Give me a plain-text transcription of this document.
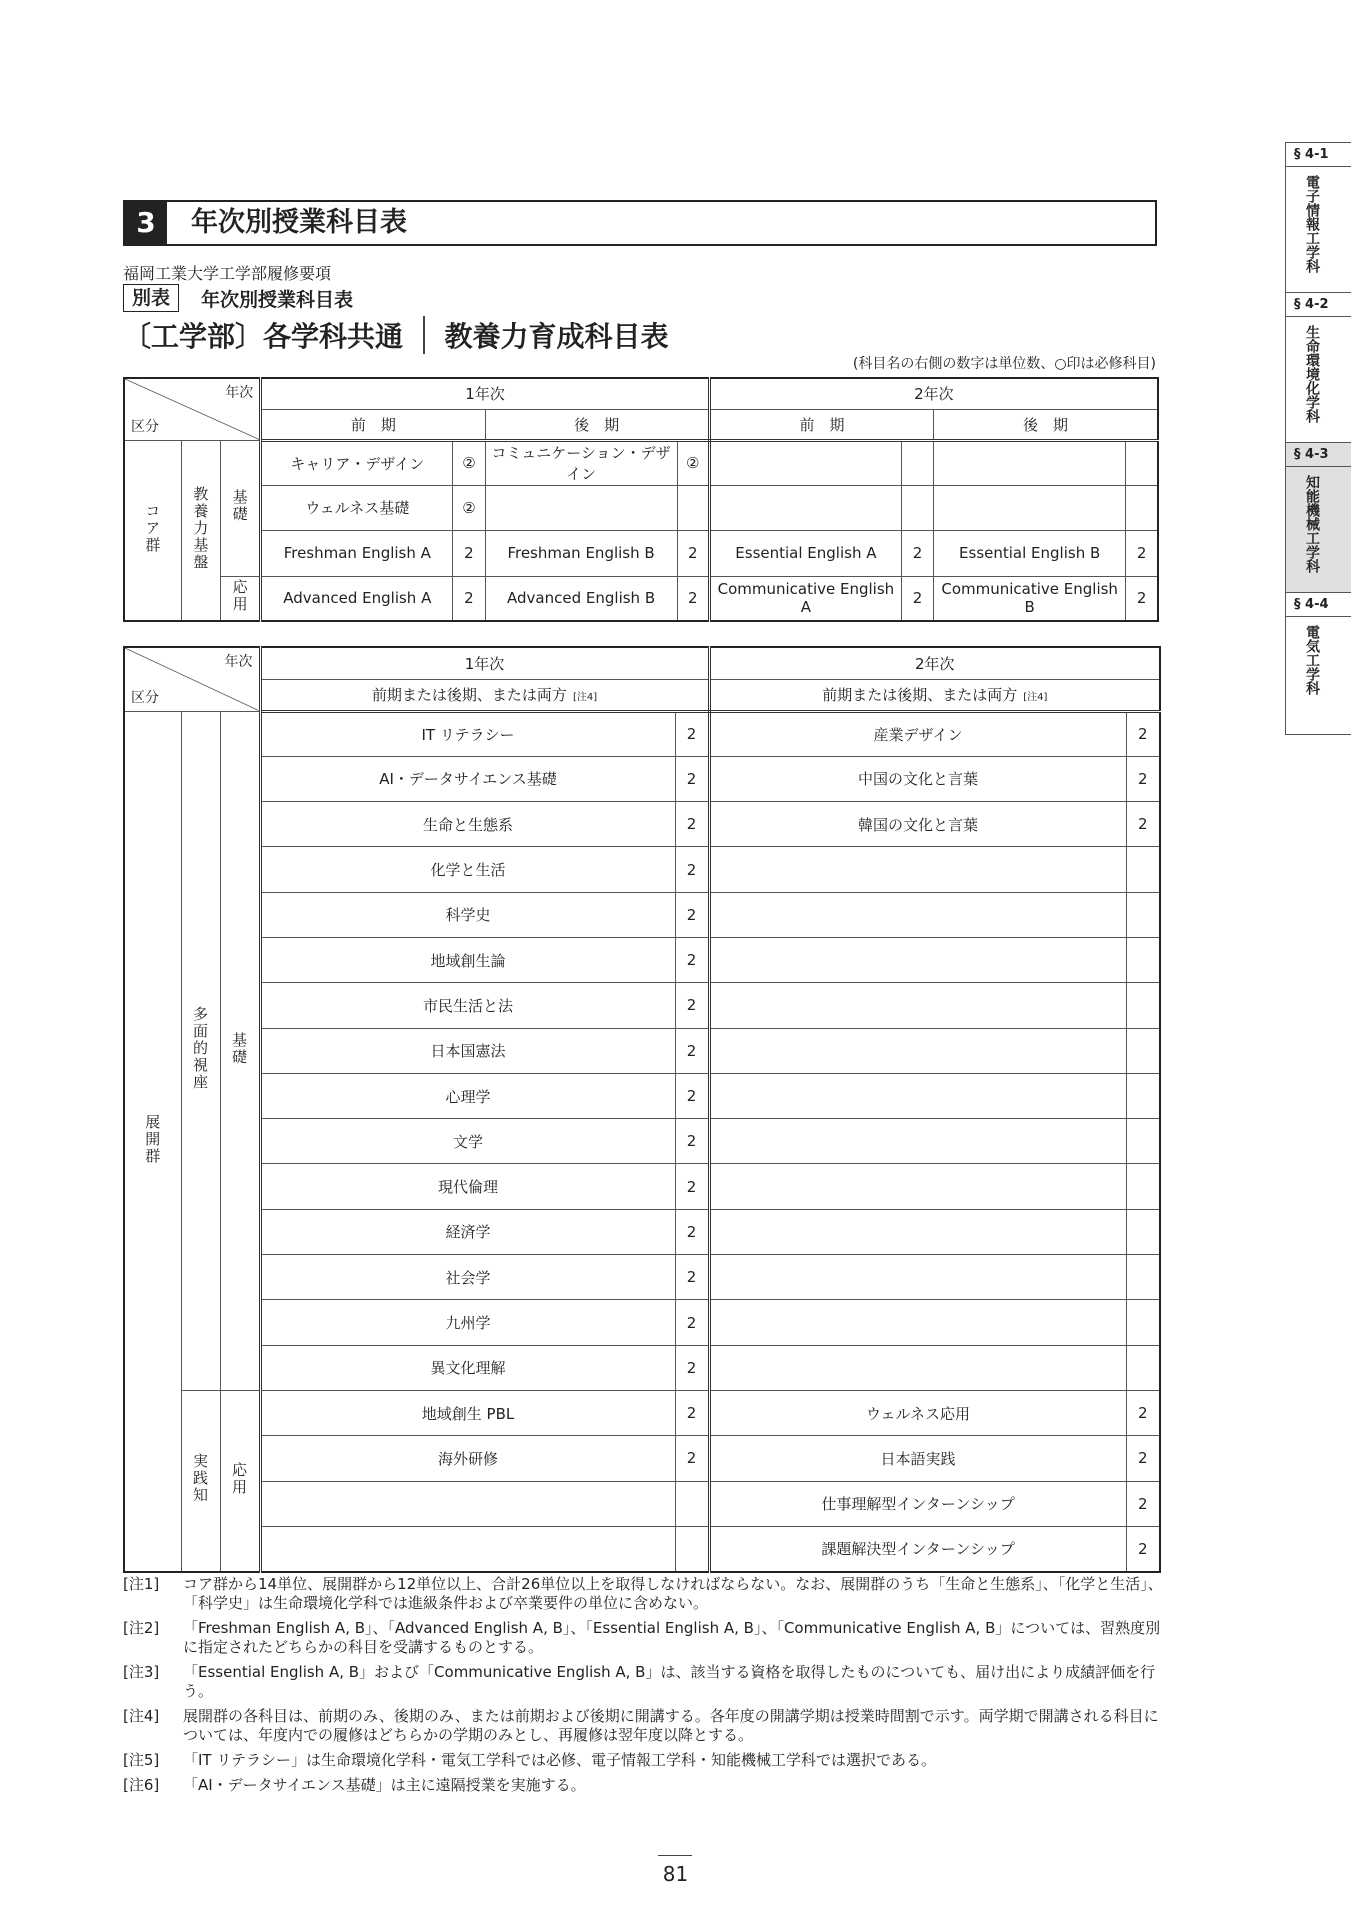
3	年次別授業科目表
福岡工業大学工学部履修要項
別表	年次別授業科目表
〔工学部〕各学科共通 教養力育成科目表
(科目名の右側の数字は単位数、○印は必修科目)
年次
区分			1年次				2年次			
			前　期		後　期		前　期		後　期	
コア群	教養力基盤	基礎	キャリア・デザイン	②	コミュニケーション・デザイン	②				
			ウェルネス基礎	②						
			Freshman English A	2	Freshman English B	2	Essential English A	2	Essential English B	2
		応用	Advanced English A	2	Advanced English B	2	Communicative English A	2	Communicative English B	2
年次
区分			1年次		2年次	
			前期または後期、または両方 [注4]		前期または後期、または両方 [注4]	
展開群	多面的視座	基礎	IT リテラシー	2	産業デザイン	2
			AI・データサイエンス基礎	2	中国の文化と言葉	2
			生命と生態系	2	韓国の文化と言葉	2
			化学と生活	2		
			科学史	2		
			地域創生論	2		
			市民生活と法	2		
			日本国憲法	2		
			心理学	2		
			文学	2		
			現代倫理	2		
			経済学	2		
			社会学	2		
			九州学	2		
			異文化理解	2		
	実践知	応用	地域創生 PBL	2	ウェルネス応用	2
			海外研修	2	日本語実践	2
					仕事理解型インターンシップ	2
					課題解決型インターンシップ	2
[注1]	コア群から14単位、展開群から12単位以上、合計26単位以上を取得しなければならない。なお、展開群のうち「生命と生態系」、「化学と生活」、「科学史」は生命環境化学科では進級条件および卒業要件の単位に含めない。
[注2]	「Freshman English A, B」、「Advanced English A, B」、「Essential English A, B」、「Communicative English A, B」については、習熟度別に指定されたどちらかの科目を受講するものとする。
[注3]	「Essential English A, B」および「Communicative English A, B」は、該当する資格を取得したものについても、届け出により成績評価を行う。
[注4]	展開群の各科目は、前期のみ、後期のみ、または前期および後期に開講する。各年度の開講学期は授業時間割で示す。両学期で開講される科目については、年度内での履修はどちらかの学期のみとし、再履修は翌年度以降とする。
[注5]	「IT リテラシー」は生命環境化学科・電気工学科では必修、電子情報工学科・知能機械工学科では選択である。
[注6]	「AI・データサイエンス基礎」は主に遠隔授業を実施する。
81
§ 4-1
電子情報工学科
§ 4-2
生命環境化学科
§ 4-3
知能機械工学科
§ 4-4
電気工学科
